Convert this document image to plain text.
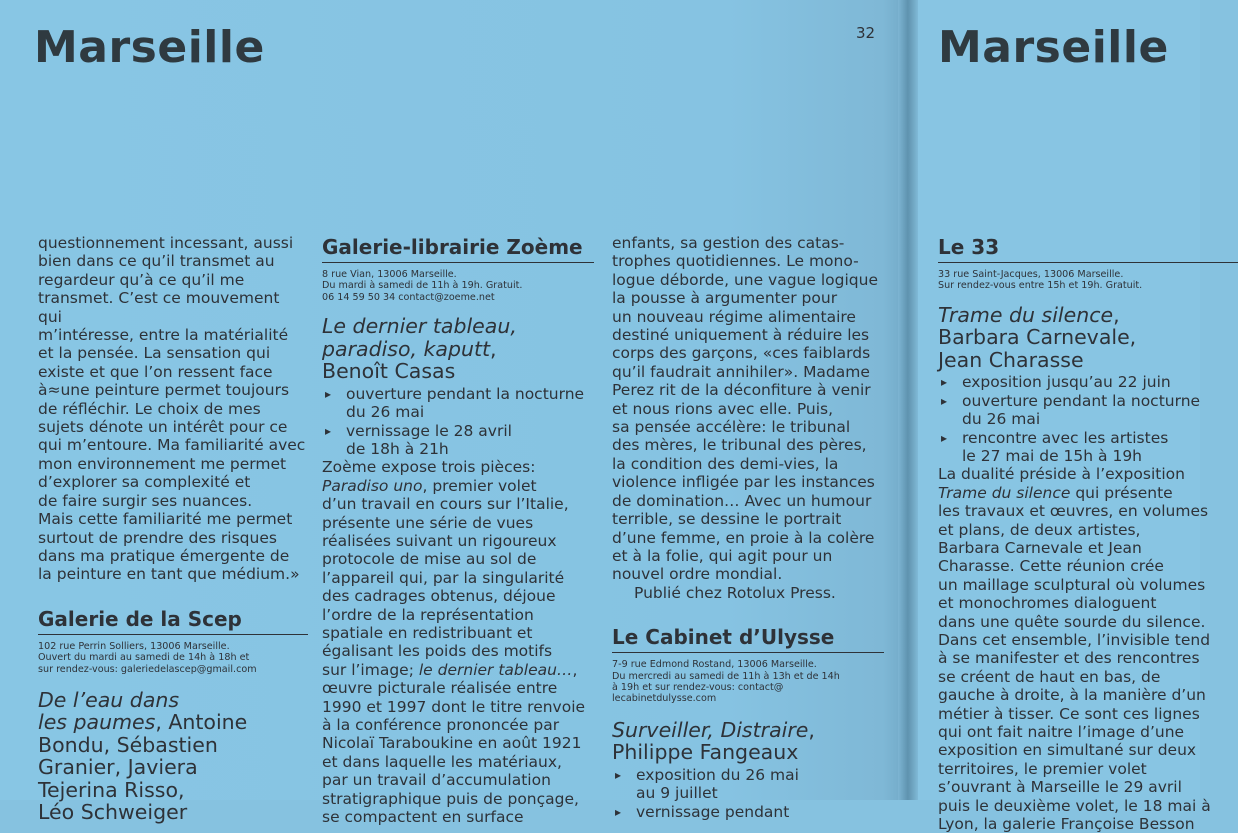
Marseille	32

questionnement incessant, aussi
bien dans ce qu’il transmet au
regardeur qu’à ce qu’il me
transmet. C’est ce mouvement qui
m’intéresse, entre la matérialité
et la pensée. La sensation qui
existe et que l’on ressent face
à≈une peinture permet toujours
de réfléchir. Le choix de mes
sujets dénote un intérêt pour ce
qui m’entoure. Ma familiarité avec
mon environnement me permet
d’explorer sa complexité et
de faire surgir ses nuances.
Mais cette familiarité me permet
surtout de prendre des risques
dans ma pratique émergente de
la peinture en tant que médium.»

Galerie de la Scep
102 rue Perrin Solliers, 13006 Marseille.
Ouvert du mardi au samedi de 14h à 18h et
sur rendez-vous: galeriedelascep@gmail.com
De l’eau dans
les paumes, Antoine
Bondu, Sébastien
Granier, Javiera
Tejerina Risso,
Léo Schweiger
Galerie-librairie Zoème
8 rue Vian, 13006 Marseille.
Du mardi à samedi de 11h à 19h. Gratuit.
06 14 59 50 34 contact@zoeme.net
Le dernier tableau,
paradiso, kaputt,
Benoît Casas
▸ ouverture pendant la nocturne
du 26 mai
▸ vernissage le 28 avril
de 18h à 21h

Zoème expose trois pièces:
Paradiso uno, premier volet
d’un travail en cours sur l’Italie,
présente une série de vues
réalisées suivant un rigoureux
protocole de mise au sol de
l’appareil qui, par la singularité
des cadrages obtenus, déjoue
l’ordre de la représentation
spatiale en redistribuant et
égalisant les poids des motifs
sur l’image; le dernier tableau…,
œuvre picturale réalisée entre
1990 et 1997 dont le titre renvoie
à la conférence prononcée par
Nicolaï Taraboukine en août 1921
et dans laquelle les matériaux,
par un travail d’accumulation
stratigraphique puis de ponçage,
se compactent en surface

enfants, sa gestion des catas-
trophes quotidiennes. Le mono-
logue déborde, une vague logique
la pousse à argumenter pour
un nouveau régime alimentaire
destiné uniquement à réduire les
corps des garçons, «ces faiblards
qu’il faudrait annihiler». Madame
Perez rit de la déconfiture à venir
et nous rions avec elle. Puis,
sa pensée accélère: le tribunal
des mères, le tribunal des pères,
la condition des demi-vies, la
violence infligée par les instances
de domination… Avec un humour
terrible, se dessine le portrait
d’une femme, en proie à la colère
et à la folie, qui agit pour un
nouvel ordre mondial.

Publié chez Rotolux Press.

Le Cabinet d’Ulysse
7-9 rue Edmond Rostand, 13006 Marseille.
Du mercredi au samedi de 11h à 13h et de 14h
à 19h et sur rendez-vous: contact@
lecabinetdulysse.com
Surveiller, Distraire,
Philippe Fangeaux
▸ exposition du 26 mai
au 9 juillet
▸ vernissage pendant
Marseille
Le 33
33 rue Saint-Jacques, 13006 Marseille.
Sur rendez-vous entre 15h et 19h. Gratuit.
Trame du silence,
Barbara Carnevale,
Jean Charasse
▸ exposition jusqu’au 22 juin
▸ ouverture pendant la nocturne
du 26 mai
▸ rencontre avec les artistes
le 27 mai de 15h à 19h

La dualité préside à l’exposition
Trame du silence qui présente
les travaux et œuvres, en volumes
et plans, de deux artistes,
Barbara Carnevale et Jean
Charasse. Cette réunion crée
un maillage sculptural où volumes
et monochromes dialoguent
dans une quête sourde du silence.
Dans cet ensemble, l’invisible tend
à se manifester et des rencontres
se créent de haut en bas, de
gauche à droite, à la manière d’un
métier à tisser. Ce sont ces lignes
qui ont fait naitre l’image d’une
exposition en simultané sur deux
territoires, le premier volet
s’ouvrant à Marseille le 29 avril
puis le deuxième volet, le 18 mai à
Lyon, la galerie Françoise Besson
